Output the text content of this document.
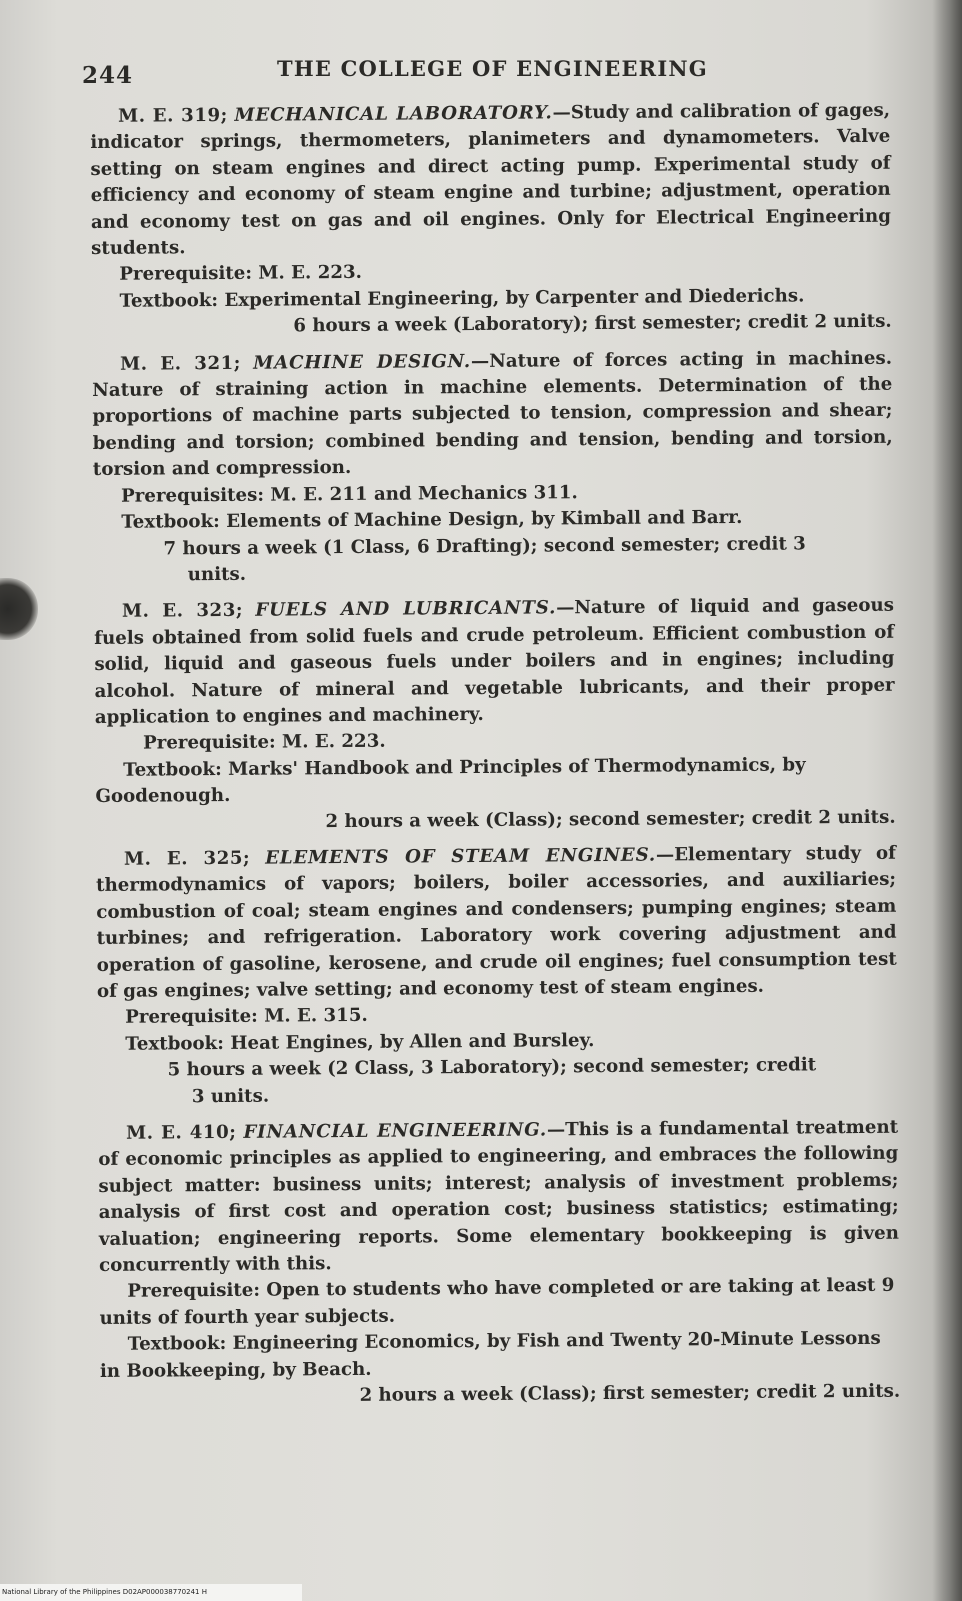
244	THE COLLEGE OF ENGINEERING

M. E. 319; MECHANICAL LABORATORY.—Study and calibration of gages, indicator springs, thermometers, planimeters and dynamometers. Valve setting on steam engines and direct acting pump. Experimental study of efficiency and economy of steam engine and turbine; adjustment, operation and economy test on gas and oil engines. Only for Electrical Engineering students.

Prerequisite: M. E. 223.

Textbook: Experimental Engineering, by Carpenter and Diederichs.

6 hours a week (Laboratory); first semester; credit 2 units.

M. E. 321; MACHINE DESIGN.—Nature of forces acting in machines. Nature of straining action in machine elements. Determination of the proportions of machine parts subjected to tension, compression and shear; bending and torsion; combined bending and tension, bending and torsion, torsion and compression.

Prerequisites: M. E. 211 and Mechanics 311.

Textbook: Elements of Machine Design, by Kimball and Barr.

7 hours a week (1 Class, 6 Drafting); second semester; credit 3
units.

M. E. 323; FUELS AND LUBRICANTS.—Nature of liquid and gaseous fuels obtained from solid fuels and crude petroleum. Efficient combustion of solid, liquid and gaseous fuels under boilers and in engines; including alcohol. Nature of mineral and vegetable lubricants, and their proper application to engines and machinery.

Prerequisite: M. E. 223.

Textbook: Marks' Handbook and Principles of Thermodynamics, by Goodenough.

2 hours a week (Class); second semester; credit 2 units.

M. E. 325; ELEMENTS OF STEAM ENGINES.—Elementary study of thermodynamics of vapors; boilers, boiler accessories, and auxiliaries; combustion of coal; steam engines and condensers; pumping engines; steam turbines; and refrigeration. Laboratory work covering adjustment and operation of gasoline, kerosene, and crude oil engines; fuel consumption test of gas engines; valve setting; and economy test of steam engines.

Prerequisite: M. E. 315.

Textbook: Heat Engines, by Allen and Bursley.

5 hours a week (2 Class, 3 Laboratory); second semester; credit
3 units.

M. E. 410; FINANCIAL ENGINEERING.—This is a fundamental treatment of economic principles as applied to engineering, and embraces the following subject matter: business units; interest; analysis of investment problems; analysis of first cost and operation cost; business statistics; estimating; valuation; engineering reports. Some elementary bookkeeping is given concurrently with this.

Prerequisite: Open to students who have completed or are taking at least 9 units of fourth year subjects.

Textbook: Engineering Economics, by Fish and Twenty 20-Minute Lessons in Bookkeeping, by Beach.

2 hours a week (Class); first semester; credit 2 units.

National Library of the Philippines D02AP000038770241 H
